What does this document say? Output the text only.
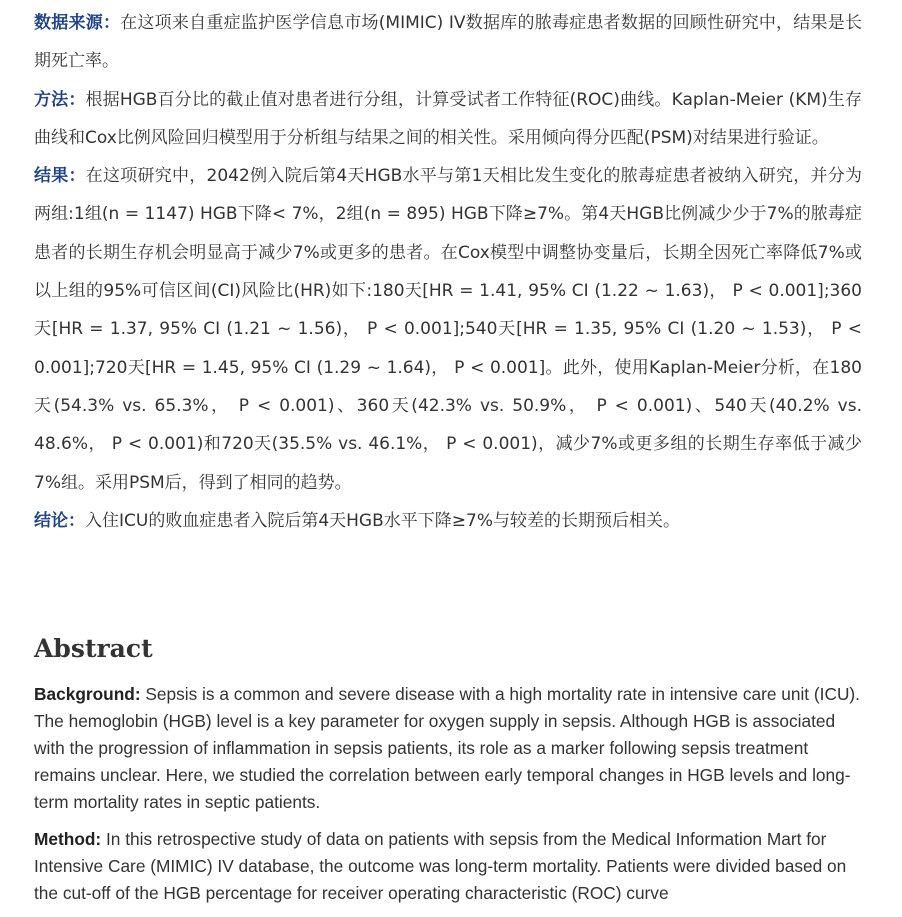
数据来源：在这项来自重症监护医学信息市场(MIMIC) IV数据库的脓毒症患者数据的回顾性研究中，结果是长期死亡率。

方法：根据HGB百分比的截止值对患者进行分组，计算受试者工作特征(ROC)曲线。Kaplan-Meier (KM)生存曲线和Cox比例风险回归模型用于分析组与结果之间的相关性。采用倾向得分匹配(PSM)对结果进行验证。

结果：在这项研究中，2042例入院后第4天HGB水平与第1天相比发生变化的脓毒症患者被纳入研究，并分为两组:1组(n = 1147) HGB下降< 7%，2组(n = 895) HGB下降≥7%。第4天HGB比例减少少于7%的脓毒症患者的长期生存机会明显高于减少7%或更多的患者。在Cox模型中调整协变量后，长期全因死亡率降低7%或以上组的95%可信区间(CI)风险比(HR)如下:180天[HR = 1.41, 95% CI (1.22 ~ 1.63)， P < 0.001];360天[HR = 1.37, 95% CI (1.21 ~ 1.56)， P < 0.001];540天[HR = 1.35, 95% CI (1.20 ~ 1.53)， P < 0.001];720天[HR = 1.45, 95% CI (1.29 ~ 1.64)， P < 0.001]。此外，使用Kaplan-Meier分析，在180天(54.3% vs. 65.3%， P < 0.001)、360天(42.3% vs. 50.9%， P < 0.001)、540天(40.2% vs. 48.6%， P < 0.001)和720天(35.5% vs. 46.1%， P < 0.001)，减少7%或更多组的长期生存率低于减少7%组。采用PSM后，得到了相同的趋势。

结论：入住ICU的败血症患者入院后第4天HGB水平下降≥7%与较差的长期预后相关。

Abstract

Background: Sepsis is a common and severe disease with a high mortality rate in intensive care unit (ICU). The hemoglobin (HGB) level is a key parameter for oxygen supply in sepsis. Although HGB is associated with the progression of inflammation in sepsis patients, its role as a marker following sepsis treatment remains unclear. Here, we studied the correlation between early temporal changes in HGB levels and long-term mortality rates in septic patients.

Method: In this retrospective study of data on patients with sepsis from the Medical Information Mart for Intensive Care (MIMIC) IV database, the outcome was long-term mortality. Patients were divided based on the cut-off of the HGB percentage for receiver operating characteristic (ROC) curve
